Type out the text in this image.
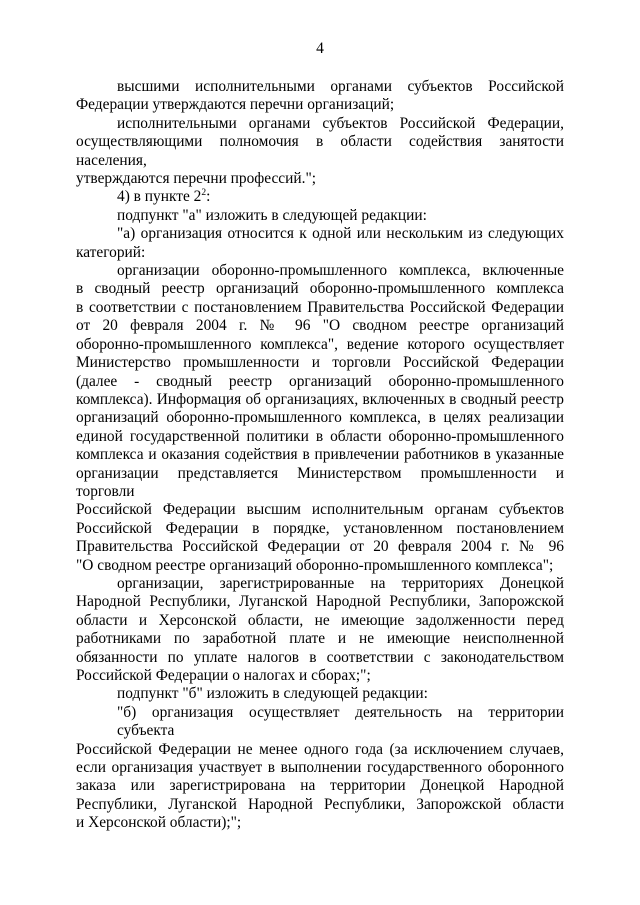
4
высшими исполнительными органами субъектов Российской
Федерации утверждаются перечни организаций;
исполнительными органами субъектов Российской Федерации,
осуществляющими полномочия в области содействия занятости населения,
утверждаются перечни профессий.";
4) в пункте $2^2$:
подпункт "а" изложить в следующей редакции:
"а) организация относится к одной или нескольким из следующих
категорий:
организации оборонно-промышленного комплекса, включенные
в сводный реестр организаций оборонно-промышленного комплекса
в соответствии с постановлением Правительства Российской Федерации
от 20 февраля 2004 г. № 96 "О сводном реестре организаций
оборонно-промышленного комплекса", ведение которого осуществляет
Министерство промышленности и торговли Российской Федерации
(далее - сводный реестр организаций оборонно-промышленного
комплекса). Информация об организациях, включенных в сводный реестр
организаций оборонно-промышленного комплекса, в целях реализации
единой государственной политики в области оборонно-промышленного
комплекса и оказания содействия в привлечении работников в указанные
организации представляется Министерством промышленности и торговли
Российской Федерации высшим исполнительным органам субъектов
Российской Федерации в порядке, установленном постановлением
Правительства Российской Федерации от 20 февраля 2004 г. № 96
"О сводном реестре организаций оборонно-промышленного комплекса";
организации, зарегистрированные на территориях Донецкой
Народной Республики, Луганской Народной Республики, Запорожской
области и Херсонской области, не имеющие задолженности перед
работниками по заработной плате и не имеющие неисполненной
обязанности по уплате налогов в соответствии с законодательством
Российской Федерации о налогах и сборах;";
подпункт "б" изложить в следующей редакции:
"б) организация осуществляет деятельность на территории субъекта
Российской Федерации не менее одного года (за исключением случаев,
если организация участвует в выполнении государственного оборонного
заказа или зарегистрирована на территории Донецкой Народной
Республики, Луганской Народной Республики, Запорожской области
и Херсонской области);";
